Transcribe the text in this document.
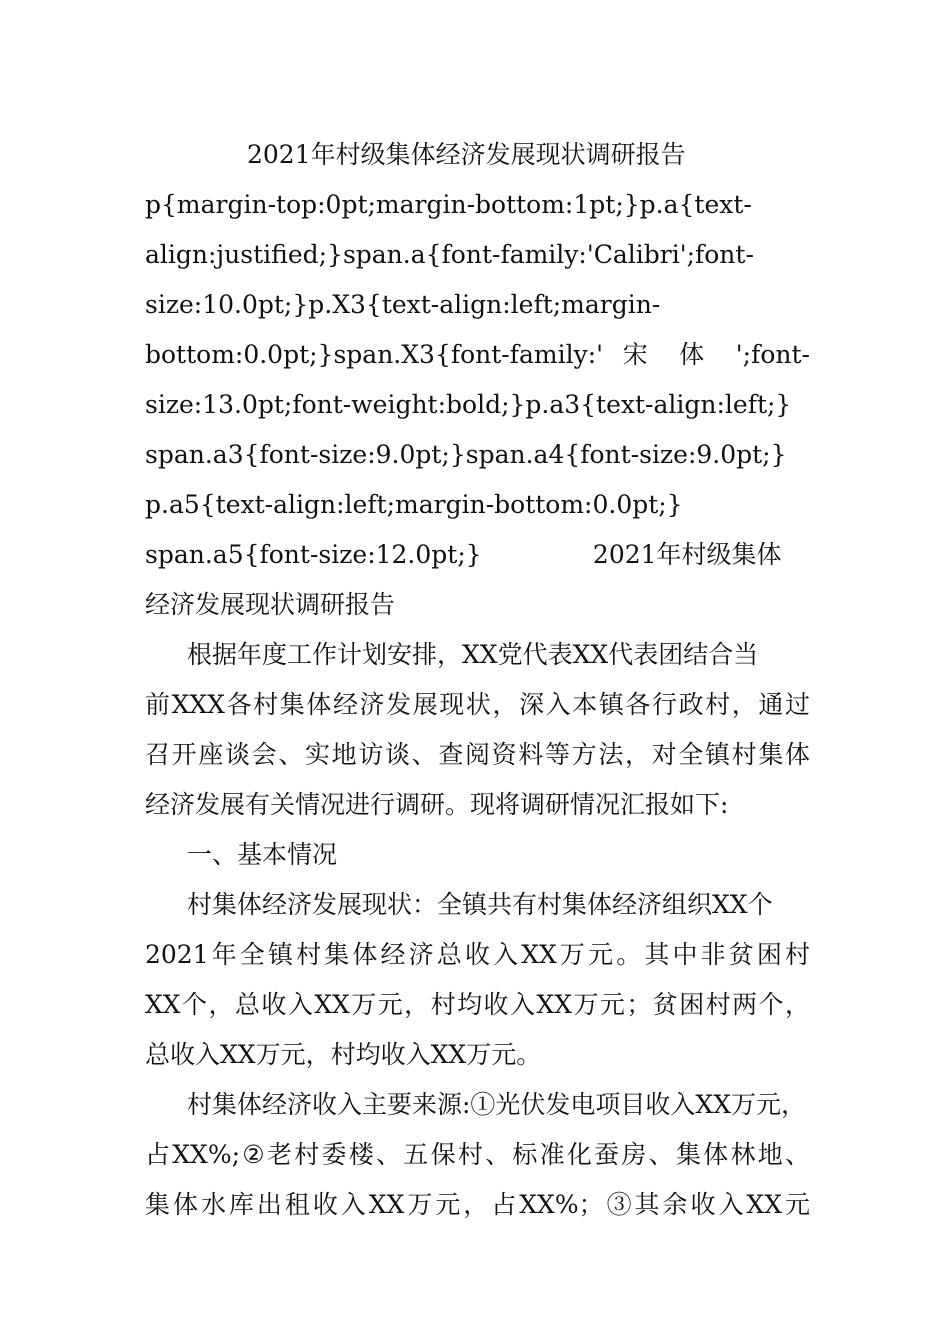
2021年村级集体经济发展现状调研报告
p{margin-top:0pt;margin-bottom:1pt;}p.a{text-
align:justified;}span.a{font-family:'Calibri';font-
size:10.0pt;}p.X3{text-align:left;margin-
bottom:0.0pt;}span.X3{font-family:' 宋 体 ';font-
size:13.0pt;font-weight:bold;}p.a3{text-align:left;}
span.a3{font-size:9.0pt;}span.a4{font-size:9.0pt;}
p.a5{text-align:left;margin-bottom:0.0pt;}
span.a5{font-size:12.0pt;}              2021年村级集体
经济发展现状调研报告
根据年度工作计划安排，XX党代表XX代表团结合当
前XXX各村集体经济发展现状，深入本镇各行政村，通过
召开座谈会、实地访谈、查阅资料等方法，对全镇村集体
经济发展有关情况进行调研。现将调研情况汇报如下:
一、基本情况
村集体经济发展现状：全镇共有村集体经济组织XX个
2021年全镇村集体经济总收入XX万元。其中非贫困村
XX个，总收入XX万元，村均收入XX万元；贫困村两个，
总收入XX万元，村均收入XX万元。
村集体经济收入主要来源:①光伏发电项目收入XX万元，
占XX%;②老村委楼、五保村、标准化蚕房、集体林地、
集体水库出租收入XX万元，占XX%；③其余收入XX元
